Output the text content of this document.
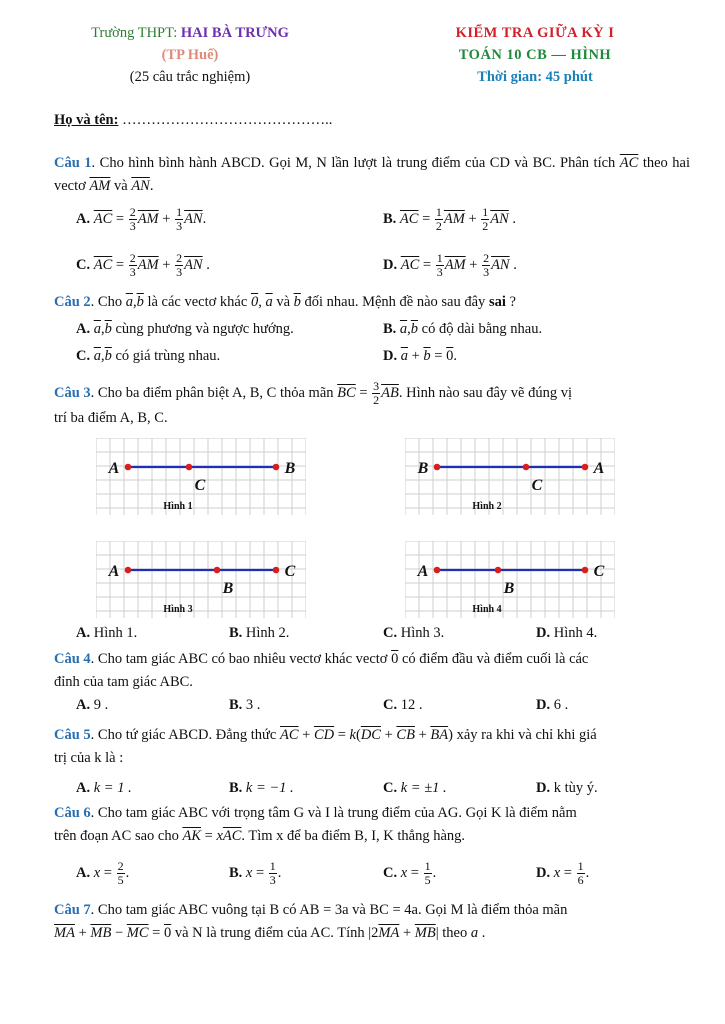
Trường THPT: HAI BÀ TRƯNG
(TP Huế)
(25 câu trắc nghiệm)
KIỂM TRA GIỮA KỲ I
TOÁN 10 CB — HÌNH
Thời gian: 45 phút
Họ và tên: ……………………………………..
Câu 1. Cho hình bình hành ABCD. Gọi M, N lần lượt là trung điểm của CD và BC. Phân tích $\overline{AC}$ theo hai vectơ $\overline{AM}$ và $\overline{AN}$.
A. $\overline{AC} = \frac{2}{3} \overline{AM} + \frac{1}{3} \overline{AN}$.	B. $\overline{AC} = \frac{1}{2} \overline{AM} + \frac{1}{2} \overline{AN}$ .
C. $\overline{AC} = \frac{2}{3} \overline{AM} + \frac{2}{3} \overline{AN}$ .	D. $\overline{AC} = \frac{1}{3} \overline{AM} + \frac{2}{3} \overline{AN}$ .
Câu 2. Cho $\overline{a},\overline{b}$ là các vectơ khác 0, $\overline{a}$ và $\overline{b}$ đối nhau. Mệnh đề nào sau đây sai ?
A. $\overline{a},\overline{b}$ cùng phương và ngược hướng.	B. $\overline{a},\overline{b}$ có độ dài bằng nhau.
C. $\overline{a},\overline{b}$ có giá trùng nhau.	D. $\overline{a} + \overline{b} = 0$.
Câu 3. Cho ba điểm phân biệt A, B, C thỏa mãn $\overline{BC} = \frac{3}{2} \overline{AB}$. Hình nào sau đây vẽ đúng vị
trí ba điểm A, B, C.
A	B
C
Hình 1
B	A
C
Hình 2
A	C
B
Hình 3
A	C
B
Hình 4
A. Hình 1.	B. Hình 2.	C. Hình 3.	D. Hình 4.
Câu 4. Cho tam giác ABC có bao nhiêu vectơ khác vectơ 0 có điểm đầu và điểm cuối là các
đỉnh của tam giác ABC.
A. 9 .	B. 3 .	C. 12 .	D. 6 .
Câu 5. Cho tứ giác ABCD. Đẳng thức $\overline{AC} + \overline{CD} = k(\overline{DC} + \overline{CB} + \overline{BA})$ xảy ra khi và chỉ khi giá
trị của k là :
A. k = 1 .	B. k = −1 .	C. k = ±1 .	D. k tùy ý.
Câu 6. Cho tam giác ABC với trọng tâm G và I là trung điểm của AG. Gọi K là điểm nằm
trên đoạn AC sao cho $\overline{AK} = x\overline{AC}$. Tìm x để ba điểm B, I, K thẳng hàng.
A. $x = \frac{2}{5}$ .	B. $x = \frac{1}{3}$ .	C. $x = \frac{1}{5}$ .	D. $x = \frac{1}{6}$ .
Câu 7. Cho tam giác ABC vuông tại B có AB = 3a và BC = 4a. Gọi M là điểm thỏa mãn
$\overline{MA} + \overline{MB} - \overline{MC} = 0$ và N là trung điểm của AC. Tính $|2\overline{MA} + \overline{MB}|$ theo a .
